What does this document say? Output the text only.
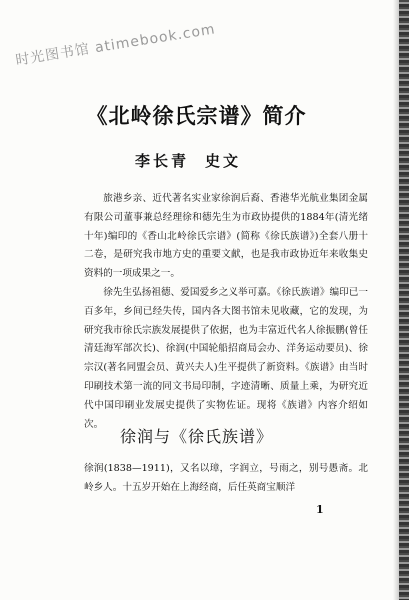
时光图书馆 atimebook.com
《北岭徐氏宗谱》简介
李长青 史文

旅港乡亲、近代著名实业家徐润后裔、香港华光航业集团金属有限公司董事兼总经理徐和德先生为市政协提供的1884年(清光绪十年)编印的《香山北岭徐氏宗谱》(简称《徐氏族谱》)全套八册十二卷，是研究我市地方史的重要文献，也是我市政协近年来收集史资料的一项成果之一。

徐先生弘扬祖德、爱国爱乡之义举可嘉。《徐氏族谱》编印已一百多年，乡间已经失传，国内各大图书馆未见收藏，它的发现，为研究我市徐氏宗族发展提供了依据，也为丰富近代名人徐振鹏(曾任清廷海军部次长)、徐润(中国轮船招商局会办、洋务运动要员)、徐宗汉(著名同盟会员、黄兴夫人)生平提供了新资料。《族谱》由当时印刷技术第一流的同文书局印制，字迹清晰、质量上乘，为研究近代中国印刷业发展史提供了实物佐证。现将《族谱》内容介绍如次。

徐润与《徐氏族谱》

徐润(1838—1911)，又名以璋，字润立，号雨之，别号愚斋。北岭乡人。十五岁开始在上海经商，后任英商宝顺洋

1
